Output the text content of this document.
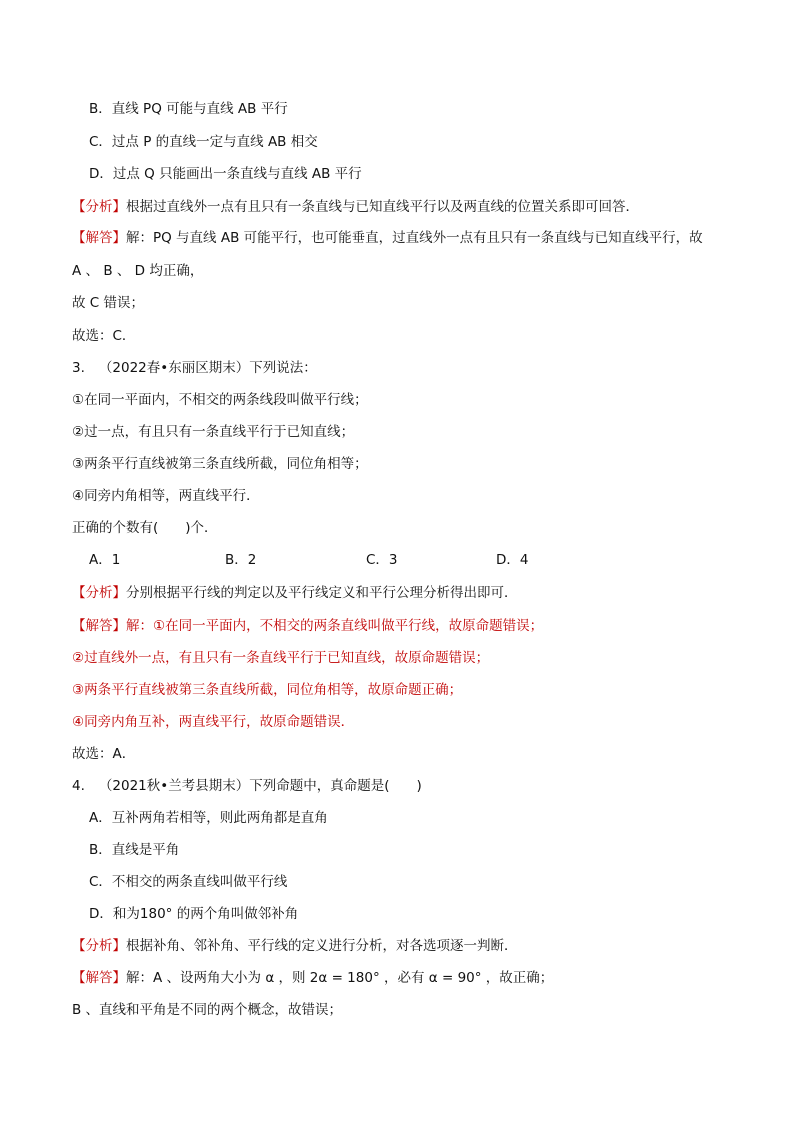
B．直线 PQ 可能与直线 AB 平行
C．过点 P 的直线一定与直线 AB 相交
D．过点 Q 只能画出一条直线与直线 AB 平行
【分析】根据过直线外一点有且只有一条直线与已知直线平行以及两直线的位置关系即可回答．
【解答】解：PQ 与直线 AB 可能平行，也可能垂直，过直线外一点有且只有一条直线与已知直线平行，故
A 、 B 、 D 均正确，
故 C 错误；
故选：C．
3. （2022春•东丽区期末）下列说法：
①在同一平面内，不相交的两条线段叫做平行线；
②过一点，有且只有一条直线平行于已知直线；
③两条平行直线被第三条直线所截，同位角相等；
④同旁内角相等，两直线平行．
正确的个数有(　　)个．
A．1	B．2	C．3	D．4
【分析】分别根据平行线的判定以及平行线定义和平行公理分析得出即可．
【解答】解：①在同一平面内，不相交的两条直线叫做平行线，故原命题错误；
②过直线外一点，有且只有一条直线平行于已知直线，故原命题错误；
③两条平行直线被第三条直线所截，同位角相等，故原命题正确；
④同旁内角互补，两直线平行，故原命题错误．
故选：A．
4. （2021秋•兰考县期末）下列命题中，真命题是(　　)
A．互补两角若相等，则此两角都是直角
B．直线是平角
C．不相交的两条直线叫做平行线
D．和为180° 的两个角叫做邻补角
【分析】根据补角、邻补角、平行线的定义进行分析，对各选项逐一判断．
【解答】解：A 、设两角大小为 α ，则 2α = 180° ，必有 α = 90° ，故正确；
B 、直线和平角是不同的两个概念，故错误；
